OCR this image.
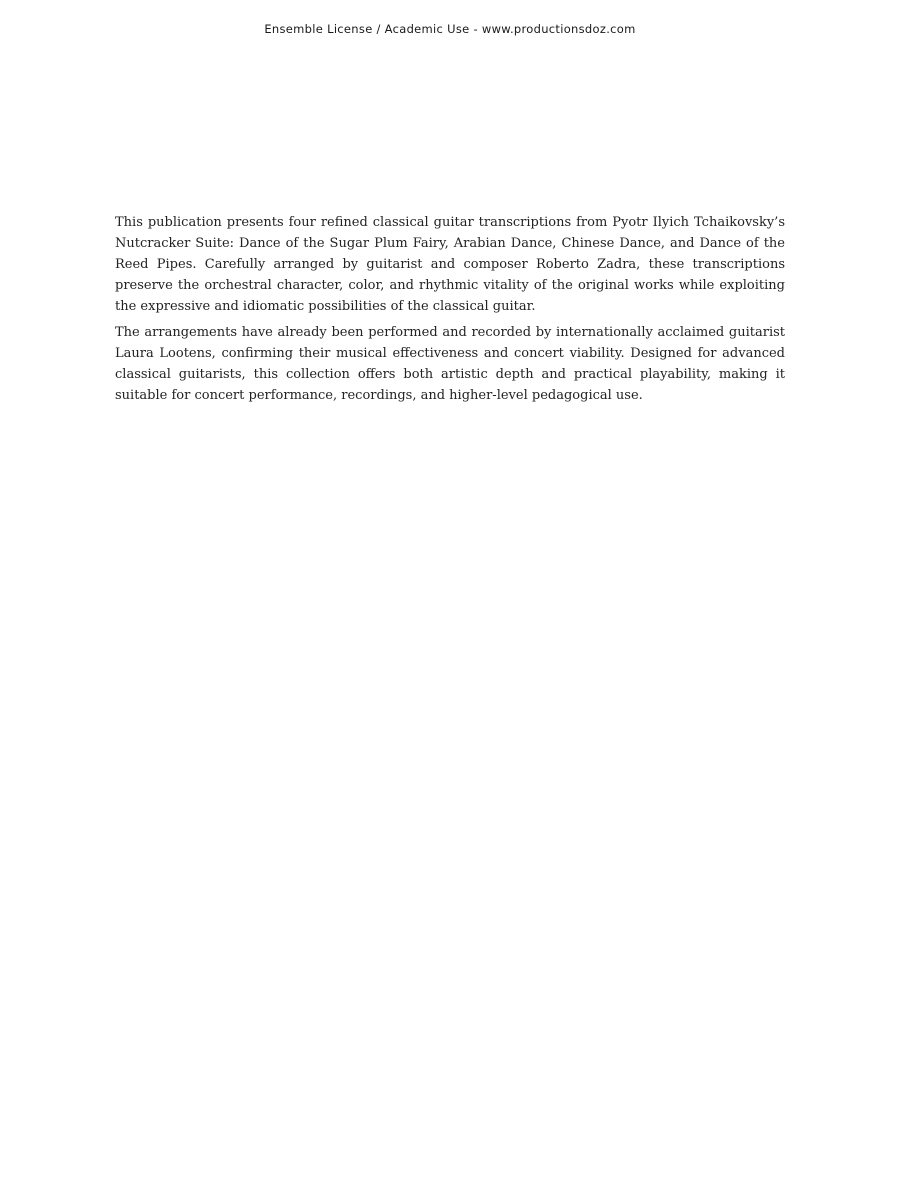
Ensemble License / Academic Use - www.productionsdoz.com

This publication presents four refined classical guitar transcriptions from Pyotr Ilyich Tchaikovsky’s Nutcracker Suite: Dance of the Sugar Plum Fairy, Arabian Dance, Chinese Dance, and Dance of the Reed Pipes. Carefully arranged by guitarist and composer Roberto Zadra, these transcriptions preserve the orchestral character, color, and rhythmic vitality of the original works while exploiting the expressive and idiomatic possibilities of the classical guitar.

The arrangements have already been performed and recorded by internationally acclaimed guitarist Laura Lootens, confirming their musical effectiveness and concert viability. Designed for advanced classical guitarists, this collection offers both artistic depth and practical playability, making it suitable for concert performance, recordings, and higher-level pedagogical use.
